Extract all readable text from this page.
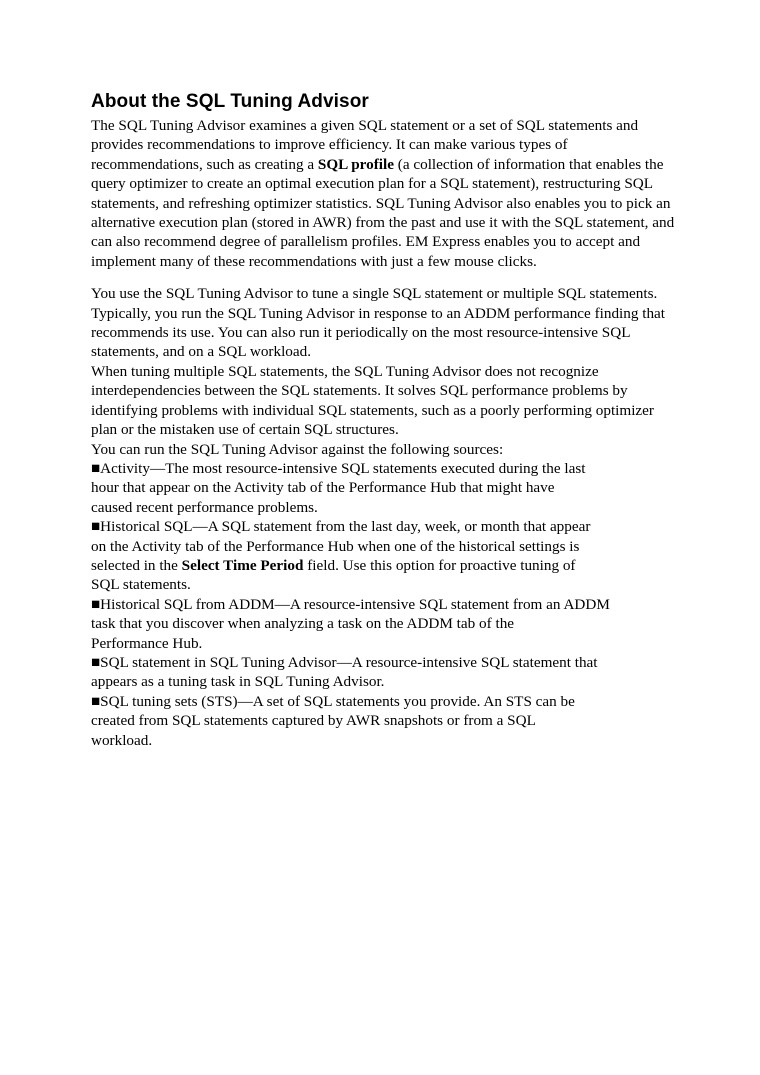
About the SQL Tuning Advisor

The SQL Tuning Advisor examines a given SQL statement or a set of SQL statements and provides recommendations to improve efficiency. It can make various types of recommendations, such as creating a SQL profile (a collection of information that enables the query optimizer to create an optimal execution plan for a SQL statement), restructuring SQL statements, and refreshing optimizer statistics. SQL Tuning Advisor also enables you to pick an alternative execution plan (stored in AWR) from the past and use it with the SQL statement, and can also recommend degree of parallelism profiles. EM Express enables you to accept and implement many of these recommendations with just a few mouse clicks.

You use the SQL Tuning Advisor to tune a single SQL statement or multiple SQL statements. Typically, you run the SQL Tuning Advisor in response to an ADDM performance finding that recommends its use. You can also run it periodically on the most resource-intensive SQL statements, and on a SQL workload.

When tuning multiple SQL statements, the SQL Tuning Advisor does not recognize interdependencies between the SQL statements. It solves SQL performance problems by identifying problems with individual SQL statements, such as a poorly performing optimizer plan or the mistaken use of certain SQL structures.

You can run the SQL Tuning Advisor against the following sources:

■Activity—The most resource-intensive SQL statements executed during the last
hour that appear on the Activity tab of the Performance Hub that might have
caused recent performance problems.

■Historical SQL—A SQL statement from the last day, week, or month that appear
on the Activity tab of the Performance Hub when one of the historical settings is
selected in the Select Time Period field. Use this option for proactive tuning of
SQL statements.

■Historical SQL from ADDM—A resource-intensive SQL statement from an ADDM
task that you discover when analyzing a task on the ADDM tab of the
Performance Hub.

■SQL statement in SQL Tuning Advisor—A resource-intensive SQL statement that
appears as a tuning task in SQL Tuning Advisor.

■SQL tuning sets (STS)—A set of SQL statements you provide. An STS can be
created from SQL statements captured by AWR snapshots or from a SQL
workload.
